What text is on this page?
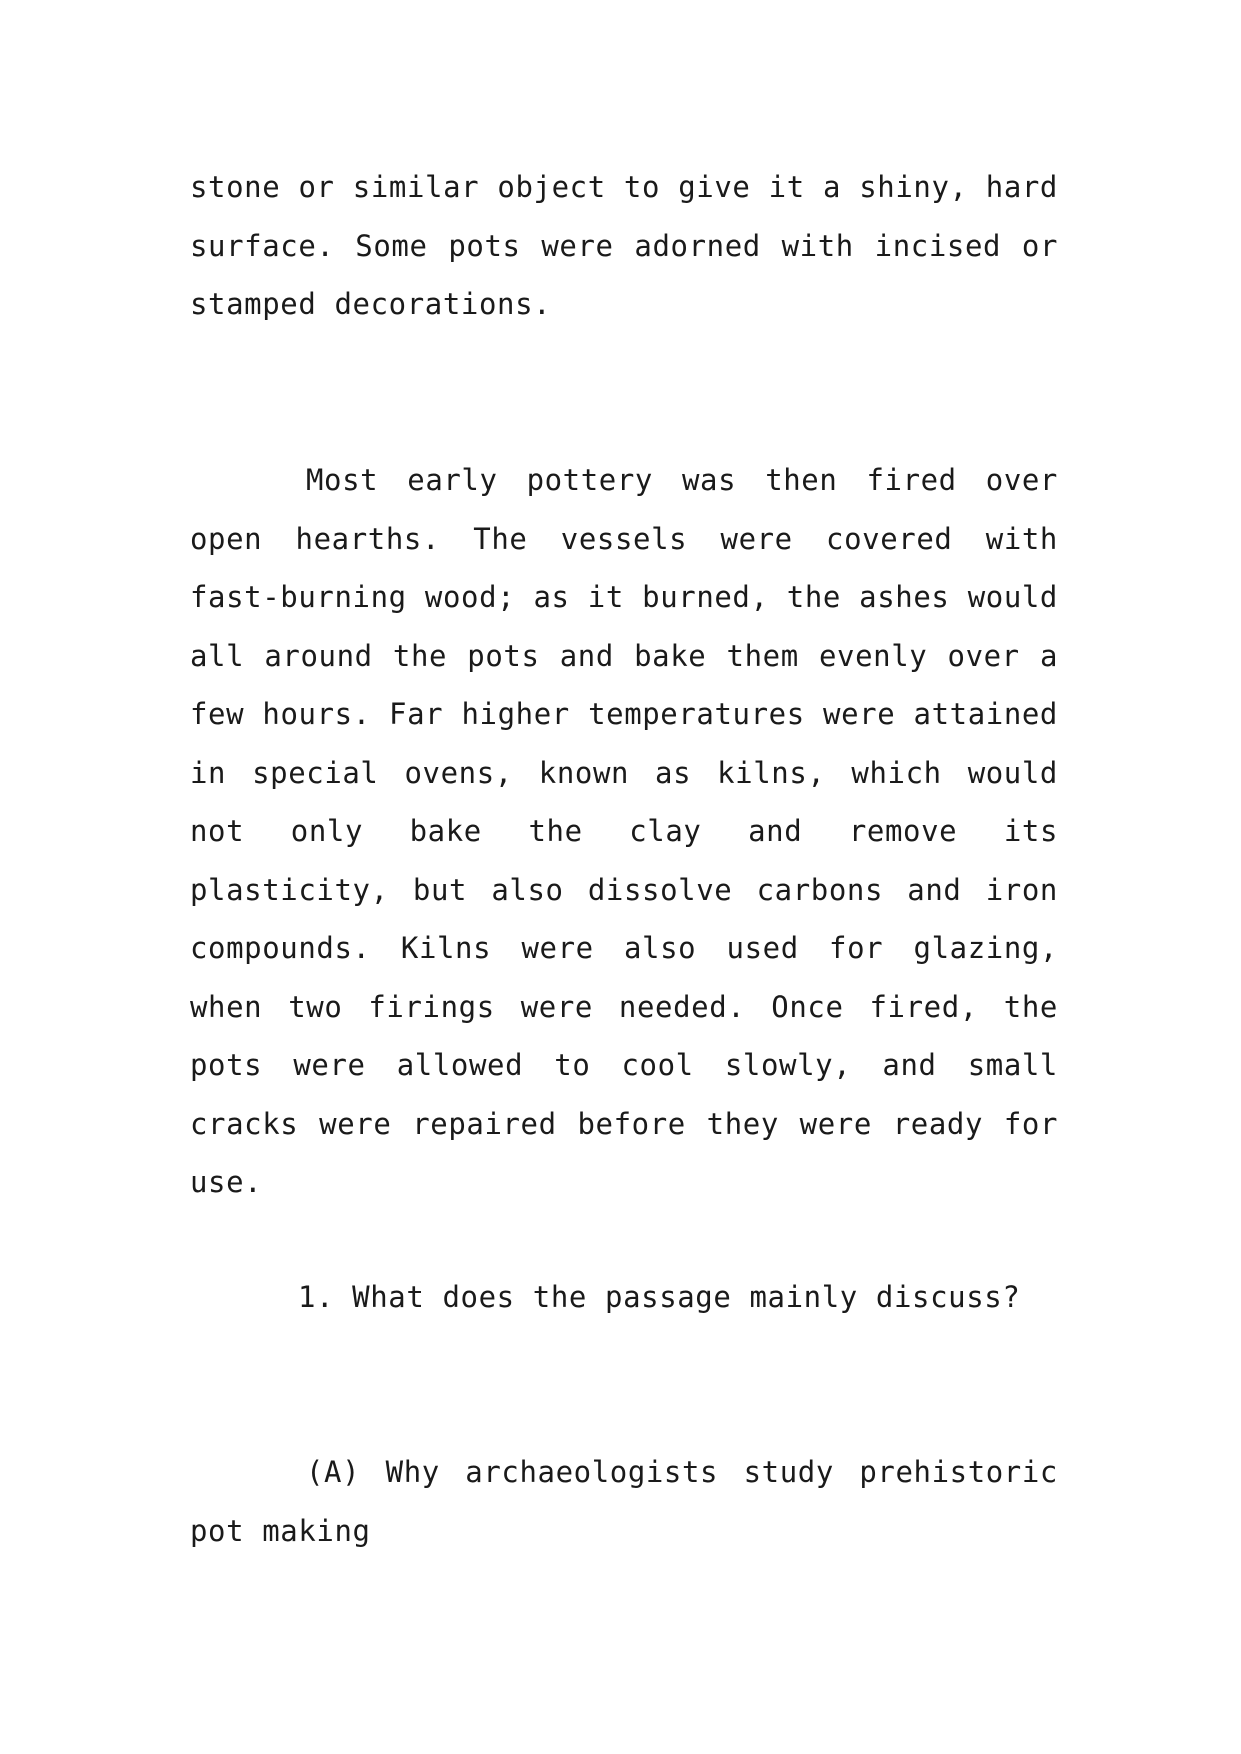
stone or similar object to give it a shiny, hard surface. Some pots were adorned with incised or stamped decorations.

Most early pottery was then fired over open hearths. The vessels were covered with fast-burning wood; as it burned, the ashes would all around the pots and bake them evenly over a few hours. Far higher temperatures were attained in special ovens, known as kilns, which would not only bake the clay and remove its plasticity, but also dissolve carbons and iron compounds. Kilns were also used for glazing, when two firings were needed. Once fired, the pots were allowed to cool slowly, and small cracks were repaired before they were ready for use.

1. What does the passage mainly discuss?

(A) Why archaeologists study prehistoric pot making
